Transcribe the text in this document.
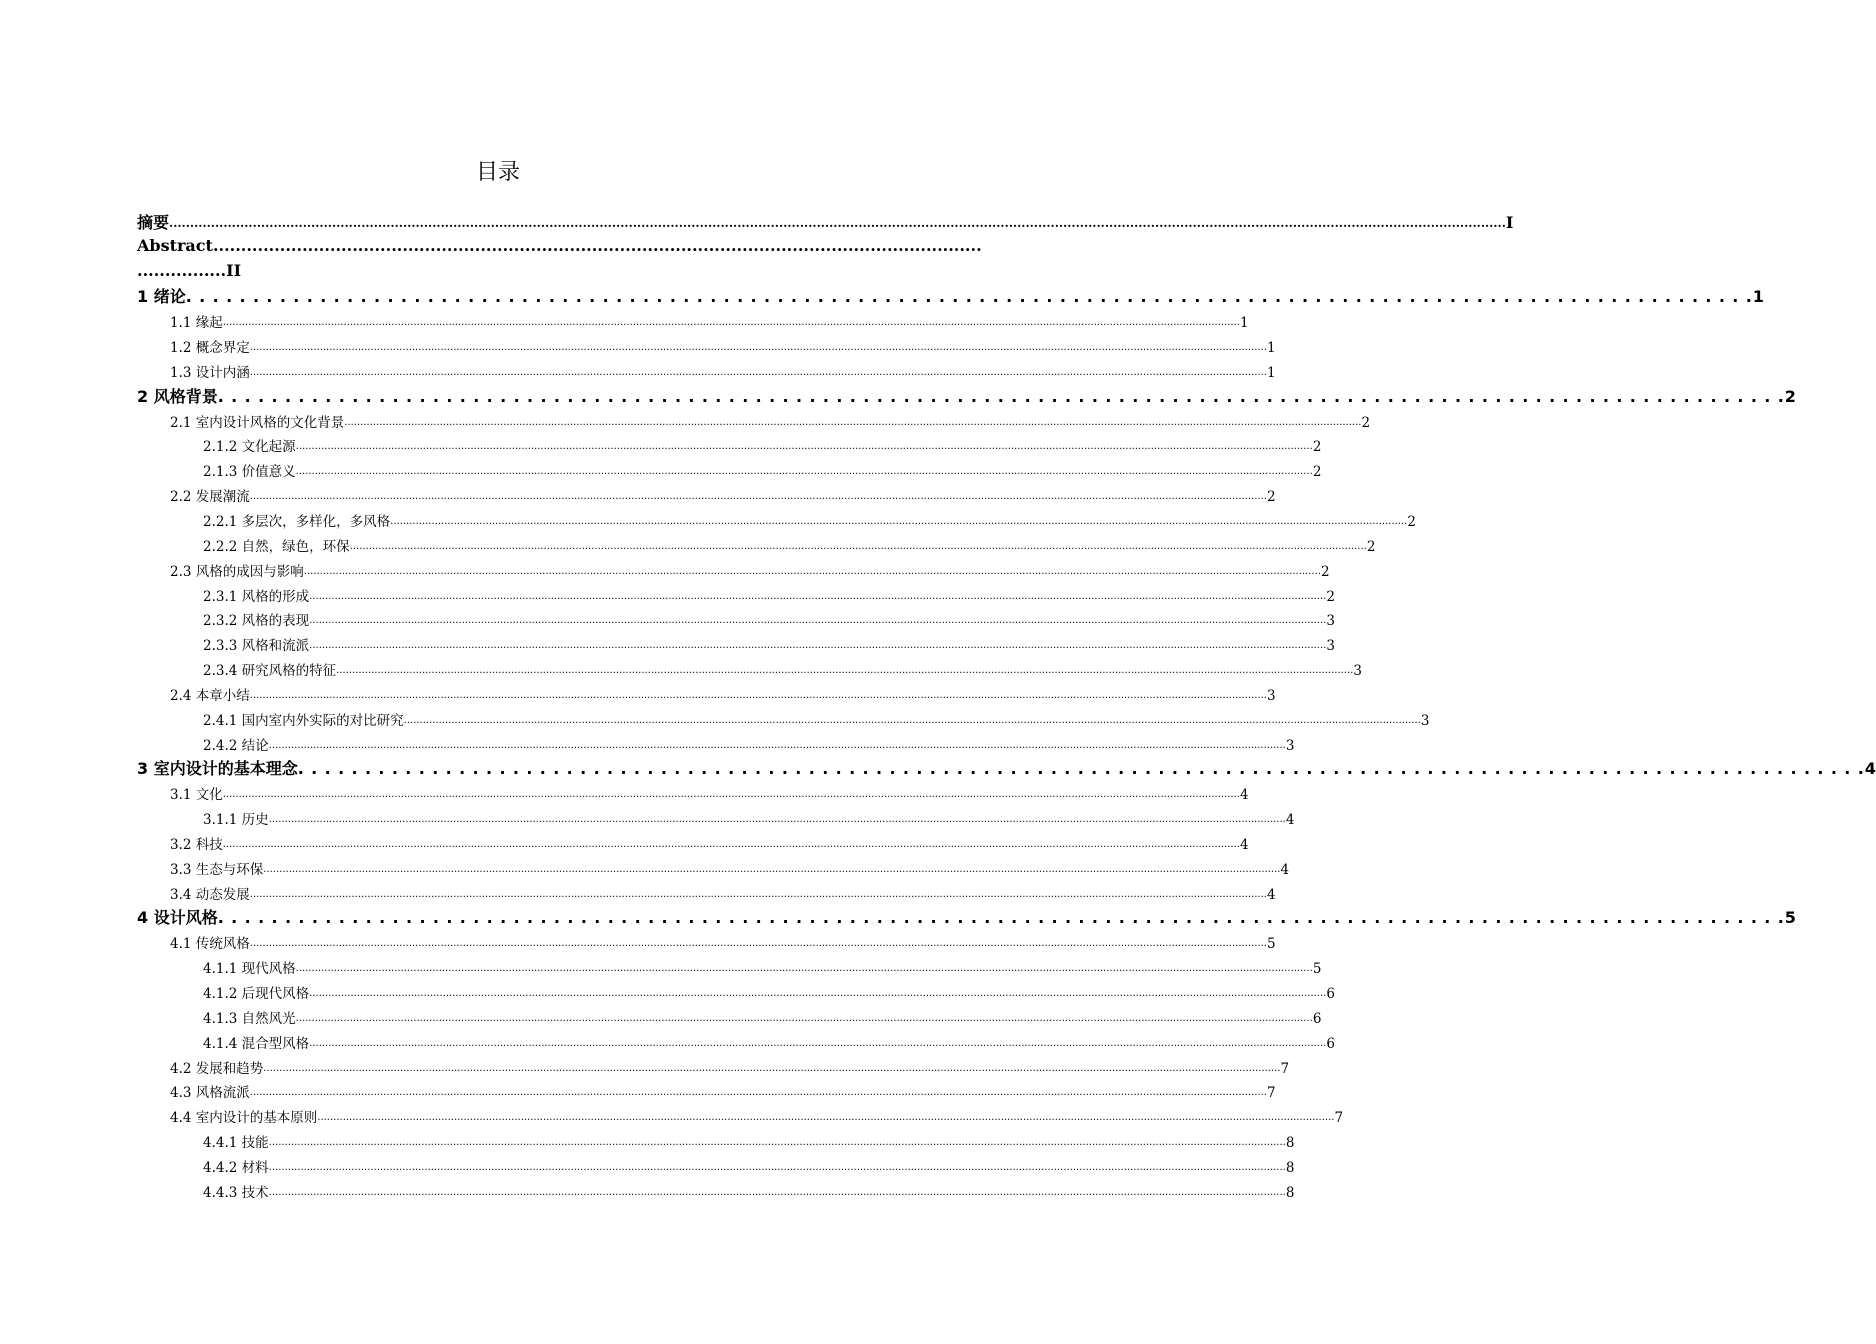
目录
摘要 .....	I
Abstract..........................................................................................................................................
................II
1 绪论 . . .	1
1.1 缘起 .....	1
1.2 概念界定 .....	1
1.3 设计内涵 .....	1
2 风格背景 . . .	2
2.1 室内设计风格的文化背景 .....	2
2.1.2 文化起源 .....	2
2.1.3 价值意义 .....	2
2.2 发展潮流 .....	2
2.2.1 多层次，多样化，多风格 .....	2
2.2.2 自然，绿色，环保 .....	2
2.3 风格的成因与影响 .....	2
2.3.1 风格的形成 .....	2
2.3.2 风格的表现 .....	3
2.3.3 风格和流派 .....	3
2.3.4 研究风格的特征 .....	3
2.4 本章小结 .....	3
2.4.1 国内室内外实际的对比研究 .....	3
2.4.2 结论 .....	3
3 室内设计的基本理念 . . .	4
3.1 文化 .....	4
3.1.1 历史 .....	4
3.2 科技 .....	4
3.3 生态与环保 .....	4
3.4 动态发展 .....	4
4 设计风格 . . .	5
4.1 传统风格 .....	5
4.1.1 现代风格 .....	5
4.1.2 后现代风格 .....	6
4.1.3 自然风光 .....	6
4.1.4 混合型风格 .....	6
4.2 发展和趋势 .....	7
4.3 风格流派 .....	7
4.4 室内设计的基本原则 .....	7
4.4.1 技能 .....	8
4.4.2 材料 .....	8
4.4.3 技术 .....	8
